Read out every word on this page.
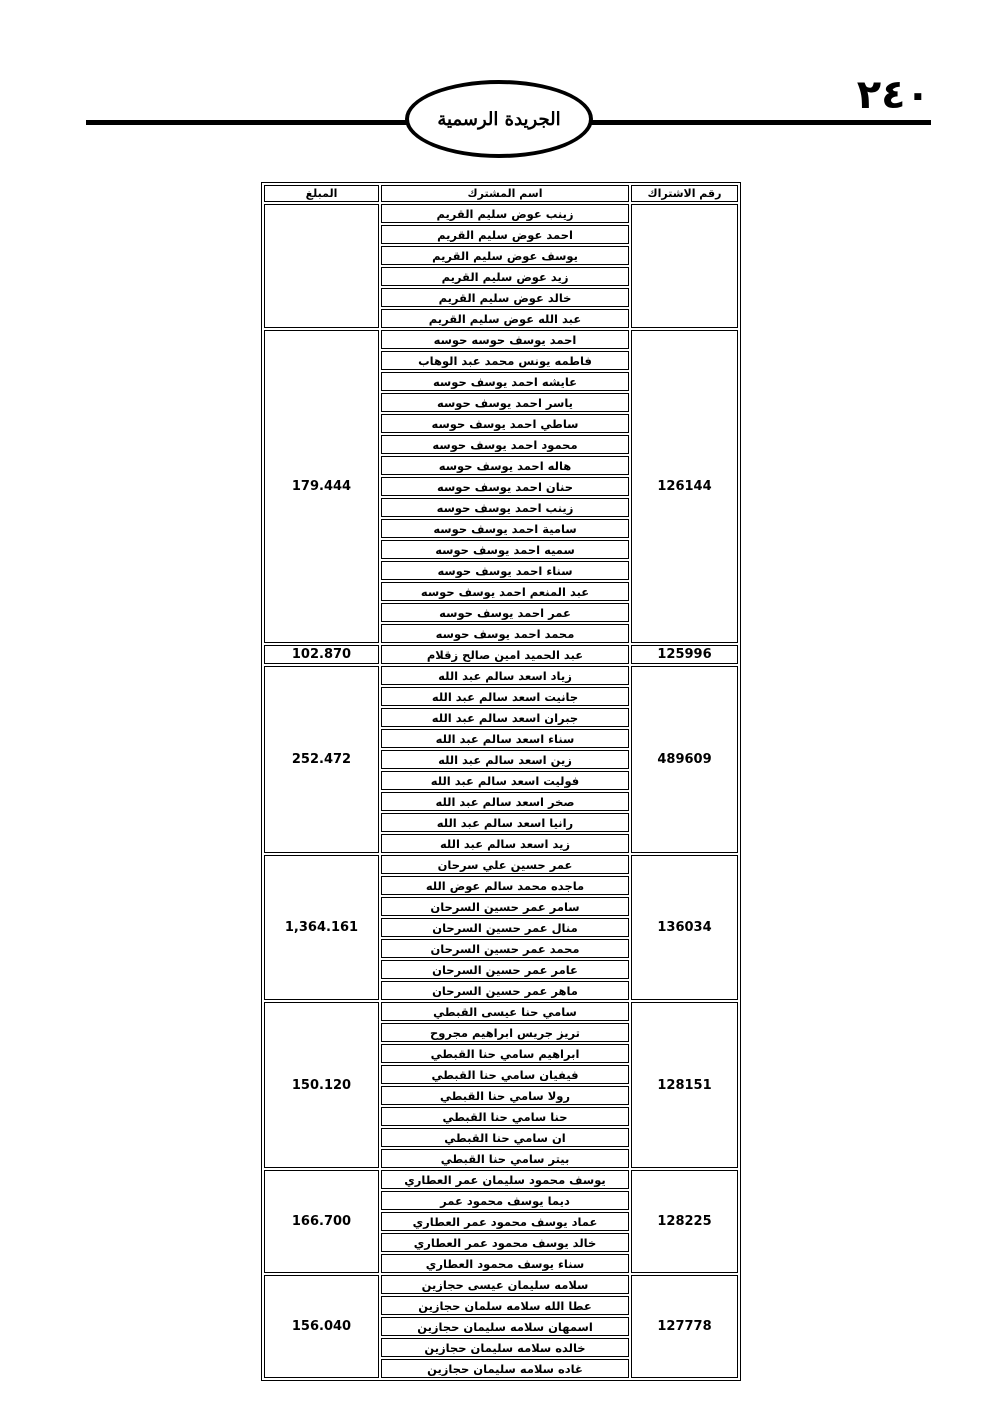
٢٤٠
الجريدة الرسمية
رقم الاشتراك	اسم المشترك	المبلغ
	زينب عوض سليم القريم	
	احمد عوض سليم القريم	
	يوسف عوض سليم القريم	
	زيد عوض سليم القريم	
	خالد عوض سليم القريم	
	عبد الله عوض سليم القريم	
126144	احمد يوسف حوسه حوسه	179.444
	فاطمه يونس محمد عبد الوهاب	
	عايشه احمد يوسف حوسه	
	ياسر احمد يوسف حوسه	
	ساطي احمد يوسف حوسه	
	محمود احمد يوسف حوسه	
	هاله احمد يوسف حوسه	
	حنان احمد يوسف حوسه	
	زينب احمد يوسف حوسه	
	سامية احمد يوسف حوسه	
	سميه احمد يوسف حوسه	
	سناء احمد يوسف حوسه	
	عبد المنعم احمد يوسف حوسه	
	عمر احمد يوسف حوسه	
	محمد احمد يوسف حوسه	
125996	عبد الحميد امين صالح زقلام	102.870
489609	زياد اسعد سالم عبد الله	252.472
	جانيت اسعد سالم عبد الله	
	جبران اسعد سالم عبد الله	
	سناء اسعد سالم عبد الله	
	زين اسعد سالم عبد الله	
	فوليت اسعد سالم عبد الله	
	صخر اسعد سالم عبد الله	
	رانيا اسعد سالم عبد الله	
	زيد اسعد سالم عبد الله	
136034	عمر حسين علي سرحان	1,364.161
	ماجده محمد سالم عوض الله	
	سامر عمر حسين السرحان	
	منال عمر حسين السرحان	
	محمد عمر حسين السرحان	
	عامر عمر حسين السرحان	
	ماهر عمر حسين السرحان	
128151	سامي حنا عيسى القبطي	150.120
	تريز جريس ابراهيم مجروح	
	ابراهيم سامي حنا القبطي	
	فيفيان سامي حنا القبطي	
	رولا سامي حنا القبطي	
	حنا سامي حنا القبطي	
	ان سامي حنا القبطي	
	بيتر سامي حنا القبطي	
128225	يوسف محمود سليمان عمر العطاري	166.700
	ديما يوسف محمود عمر	
	عماد يوسف محمود عمر العطاري	
	خالد يوسف محمود عمر العطاري	
	سناء يوسف محمود العطاري	
127778	سلامه سليمان عيسى حجازين	156.040
	عطا الله سلامه سلمان حجازين	
	اسمهان سلامه سليمان حجازين	
	خالده سلامه سليمان حجازين	
	غاده سلامه سليمان حجازين	
